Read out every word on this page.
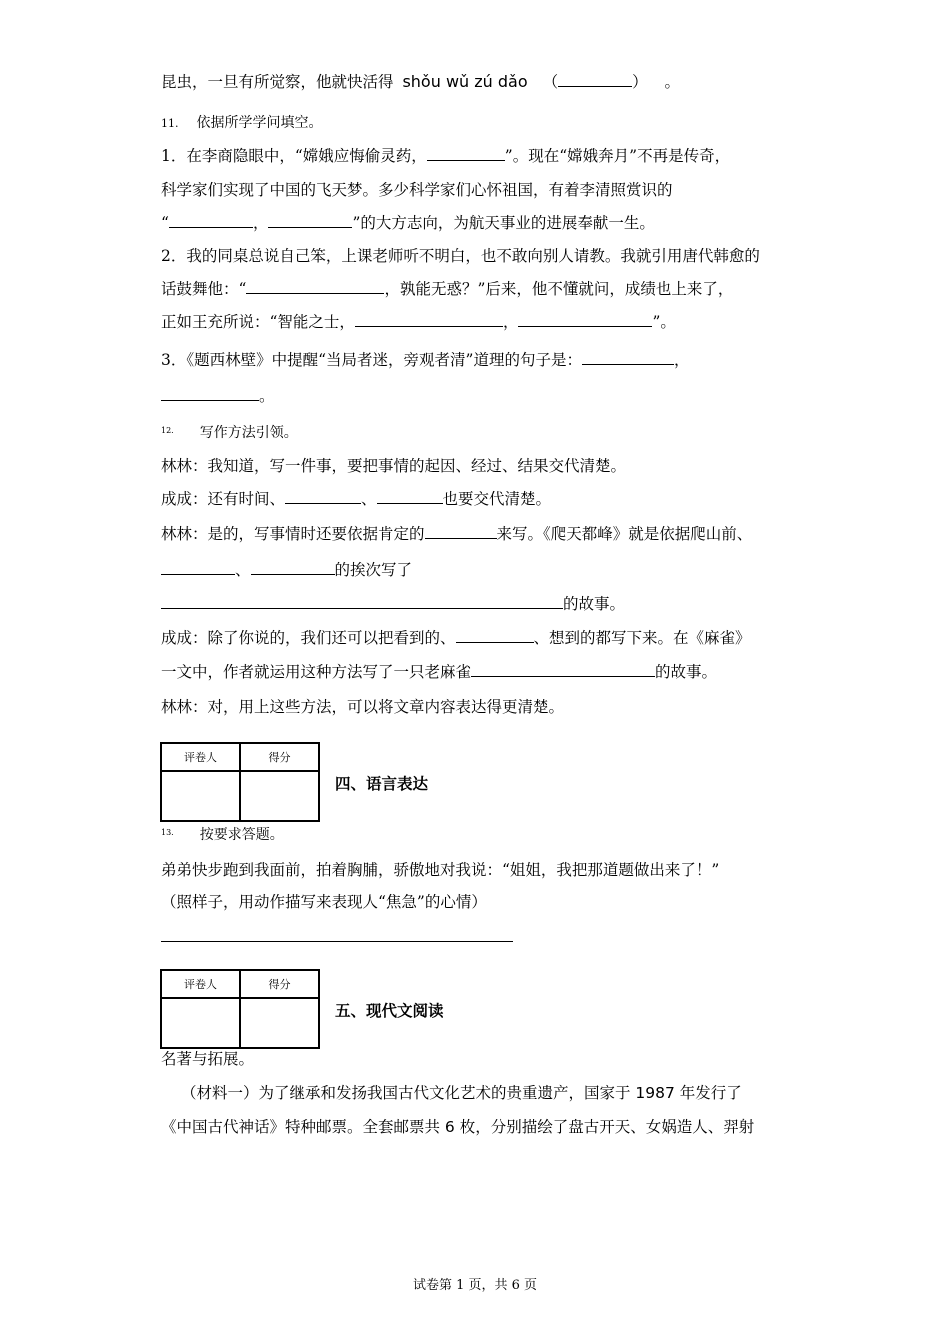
昆虫，一旦有所觉察，他就快活得 shǒu wǔ zú dǎo （	） 。
11. 依据所学学问填空。
1．在李商隐眼中，“嫦娥应悔偷灵药，	”。现在“嫦娥奔月”不再是传奇，
科学家们实现了中国的飞天梦。多少科学家们心怀祖国，有着李清照赏识的
“	，	”的大方志向，为航天事业的进展奉献一生。
2．我的同桌总说自己笨，上课老师听不明白，也不敢向别人请教。我就引用唐代韩愈的
话鼓舞他：“	，孰能无惑？”后来，他不懂就问，成绩也上来了，
正如王充所说：“智能之士，	，	”。
3．《题西林壁》中提醒“当局者迷，旁观者清”道理的句子是：	，
。
$^{12.}$ 写作方法引领。
林林：我知道，写一件事，要把事情的起因、经过、结果交代清楚。
成成：还有时间、	、	也要交代清楚。
林林：是的，写事情时还要依据肯定的	来写。《爬天都峰》就是依据爬山前、
、	的挨次写了
的故事。
成成：除了你说的，我们还可以把看到的、	、想到的都写下来。在《麻雀》
一文中，作者就运用这种方法写了一只老麻雀	的故事。
林林：对，用上这些方法，可以将文章内容表达得更清楚。
评卷人	得分

四、语言表达
$^{13.}$ 按要求答题。
弟弟快步跑到我面前，拍着胸脯，骄傲地对我说：“姐姐，我把那道题做出来了！”
（照样子，用动作描写来表现人“焦急”的心情）
评卷人	得分

五、现代文阅读
名著与拓展。
（材料一）为了继承和发扬我国古代文化艺术的贵重遗产，国家于 1987 年发行了
《中国古代神话》特种邮票。全套邮票共 6 枚，分别描绘了盘古开天、女娲造人、羿射
试卷第 1 页，共 6 页
